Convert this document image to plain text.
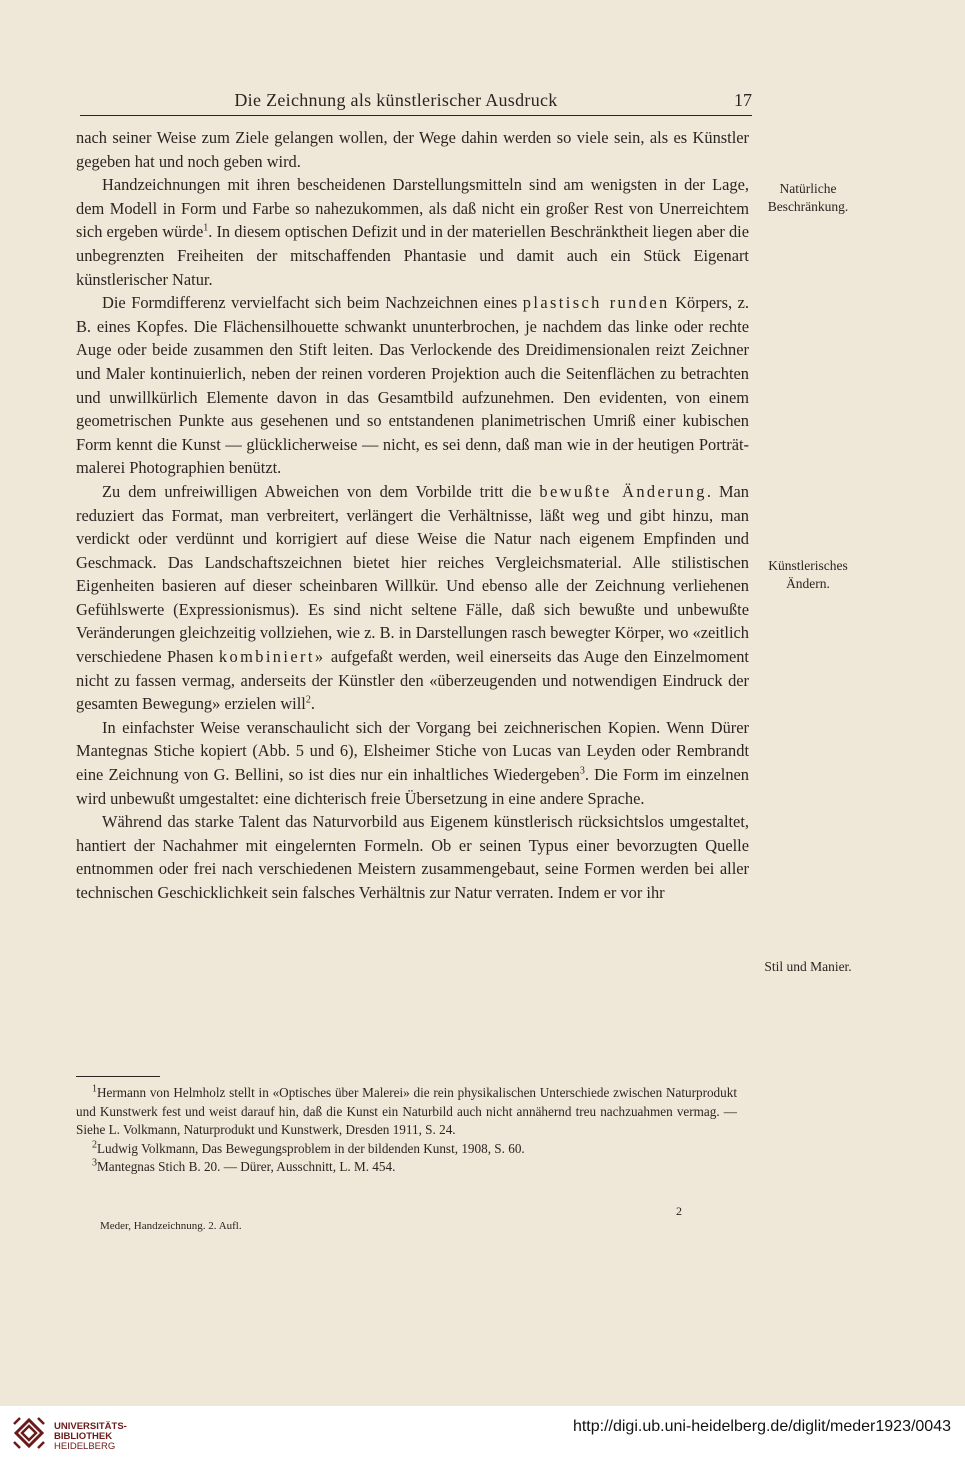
Die Zeichnung als künstlerischer Ausdruck	17

nach seiner Weise zum Ziele gelangen wollen, der Wege dahin werden so viele sein, als es Künstler gegeben hat und noch geben wird.

Handzeichnungen mit ihren bescheidenen Darstellungsmitteln sind am wenigsten in der Lage, dem Modell in Form und Farbe so nahezukommen, als daß nicht ein großer Rest von Unerreichtem sich ergeben würde$^1$. In diesem optischen Defizit und in der materiellen Beschränktheit liegen aber die unbegrenzten Freiheiten der mitschaffenden Phantasie und damit auch ein Stück Eigenart künstlerischer Natur.

Die Formdifferenz vervielfacht sich beim Nachzeichnen eines plastisch runden Körpers, z. B. eines Kopfes. Die Flächensilhouette schwankt ununterbrochen, je nachdem das linke oder rechte Auge oder beide zusammen den Stift leiten. Das Verlockende des Dreidimensionalen reizt Zeichner und Maler kontinuierlich, neben der reinen vorderen Projektion auch die Seitenflächen zu betrachten und unwillkürlich Elemente davon in das Gesamtbild aufzunehmen. Den evidenten, von einem geometrischen Punkte aus gesehenen und so entstandenen planimetrischen Umriß einer kubischen Form kennt die Kunst — glücklicherweise — nicht, es sei denn, daß man wie in der heutigen Porträtmalerei Photographien benützt.

Zu dem unfreiwilligen Abweichen von dem Vorbilde tritt die bewußte Änderung. Man reduziert das Format, man verbreitert, verlängert die Verhältnisse, läßt weg und gibt hinzu, man verdickt oder verdünnt und korrigiert auf diese Weise die Natur nach eigenem Empfinden und Geschmack. Das Landschaftszeichnen bietet hier reiches Vergleichsmaterial. Alle stilistischen Eigenheiten basieren auf dieser scheinbaren Willkür. Und ebenso alle der Zeichnung verliehenen Gefühlswerte (Expressionismus). Es sind nicht seltene Fälle, daß sich bewußte und unbewußte Veränderungen gleichzeitig vollziehen, wie z. B. in Darstellungen rasch bewegter Körper, wo «zeitlich verschiedene Phasen kombiniert» aufgefaßt werden, weil einerseits das Auge den Einzelmoment nicht zu fassen vermag, anderseits der Künstler den «überzeugenden und notwendigen Eindruck der gesamten Bewegung» erzielen will$^2$.

In einfachster Weise veranschaulicht sich der Vorgang bei zeichnerischen Kopien. Wenn Dürer Mantegnas Stiche kopiert (Abb. 5 und 6), Elsheimer Stiche von Lucas van Leyden oder Rembrandt eine Zeichnung von G. Bellini, so ist dies nur ein inhaltliches Wiedergeben$^3$. Die Form im einzelnen wird unbewußt umgestaltet: eine dichterisch freie Übersetzung in eine andere Sprache.

Während das starke Talent das Naturvorbild aus Eigenem künstlerisch rücksichtslos umgestaltet, hantiert der Nachahmer mit eingelernten Formeln. Ob er seinen Typus einer bevorzugten Quelle entnommen oder frei nach verschiedenen Meistern zusammengebaut, seine Formen werden bei aller technischen Geschicklichkeit sein falsches Verhältnis zur Natur verraten. Indem er vor ihr

Natürliche Beschränkung.
Künstlerisches Ändern.
Stil und Manier.

$^1$Hermann von Helmholz stellt in «Optisches über Malerei» die rein physikalischen Unterschiede zwischen Naturprodukt und Kunstwerk fest und weist darauf hin, daß die Kunst ein Naturbild auch nicht annähernd treu nachzuahmen vermag. — Siehe L. Volkmann, Naturprodukt und Kunstwerk, Dresden 1911, S. 24.

$^2$Ludwig Volkmann, Das Bewegungsproblem in der bildenden Kunst, 1908, S. 60.

$^3$Mantegnas Stich B. 20. — Dürer, Ausschnitt, L. M. 454.

2
Meder, Handzeichnung. 2. Aufl.
UNIVERSITÄTS-
BIBLIOTHEK
HEIDELBERG
http://digi.ub.uni-heidelberg.de/diglit/meder1923/0043
